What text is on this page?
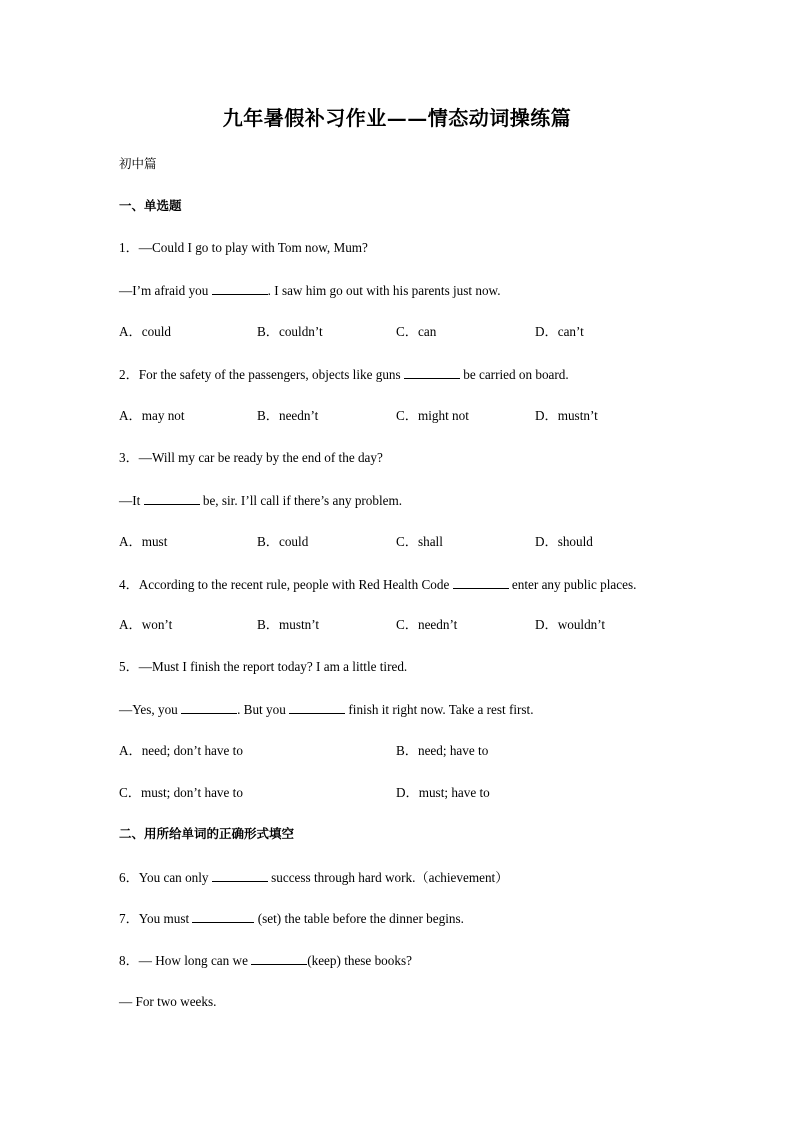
九年暑假补习作业——情态动词操练篇
初中篇
一、单选题
1．—Could I go to play with Tom now, Mum?
—I’m afraid you	. I saw him go out with his parents just now.
A．could	B．couldn’t	C．can	D．can’t
2．For the safety of the passengers, objects like guns	be carried on board.
A．may not	B．needn’t	C．might not	D．mustn’t
3．—Will my car be ready by the end of the day?
—It	be, sir. I’ll call if there’s any problem.
A．must	B．could	C．shall	D．should
4．According to the recent rule, people with Red Health Code	enter any public places.
A．won’t	B．mustn’t	C．needn’t	D．wouldn’t
5．—Must I finish the report today? I am a little tired.
—Yes, you	. But you	finish it right now. Take a rest first.
A．need; don’t have to	B．need; have to
C．must; don’t have to	D．must; have to
二、用所给单词的正确形式填空
6．You can only	success through hard work.（achievement）
7．You must	(set) the table before the dinner begins.
8．— How long can we	(keep) these books?
— For two weeks.
